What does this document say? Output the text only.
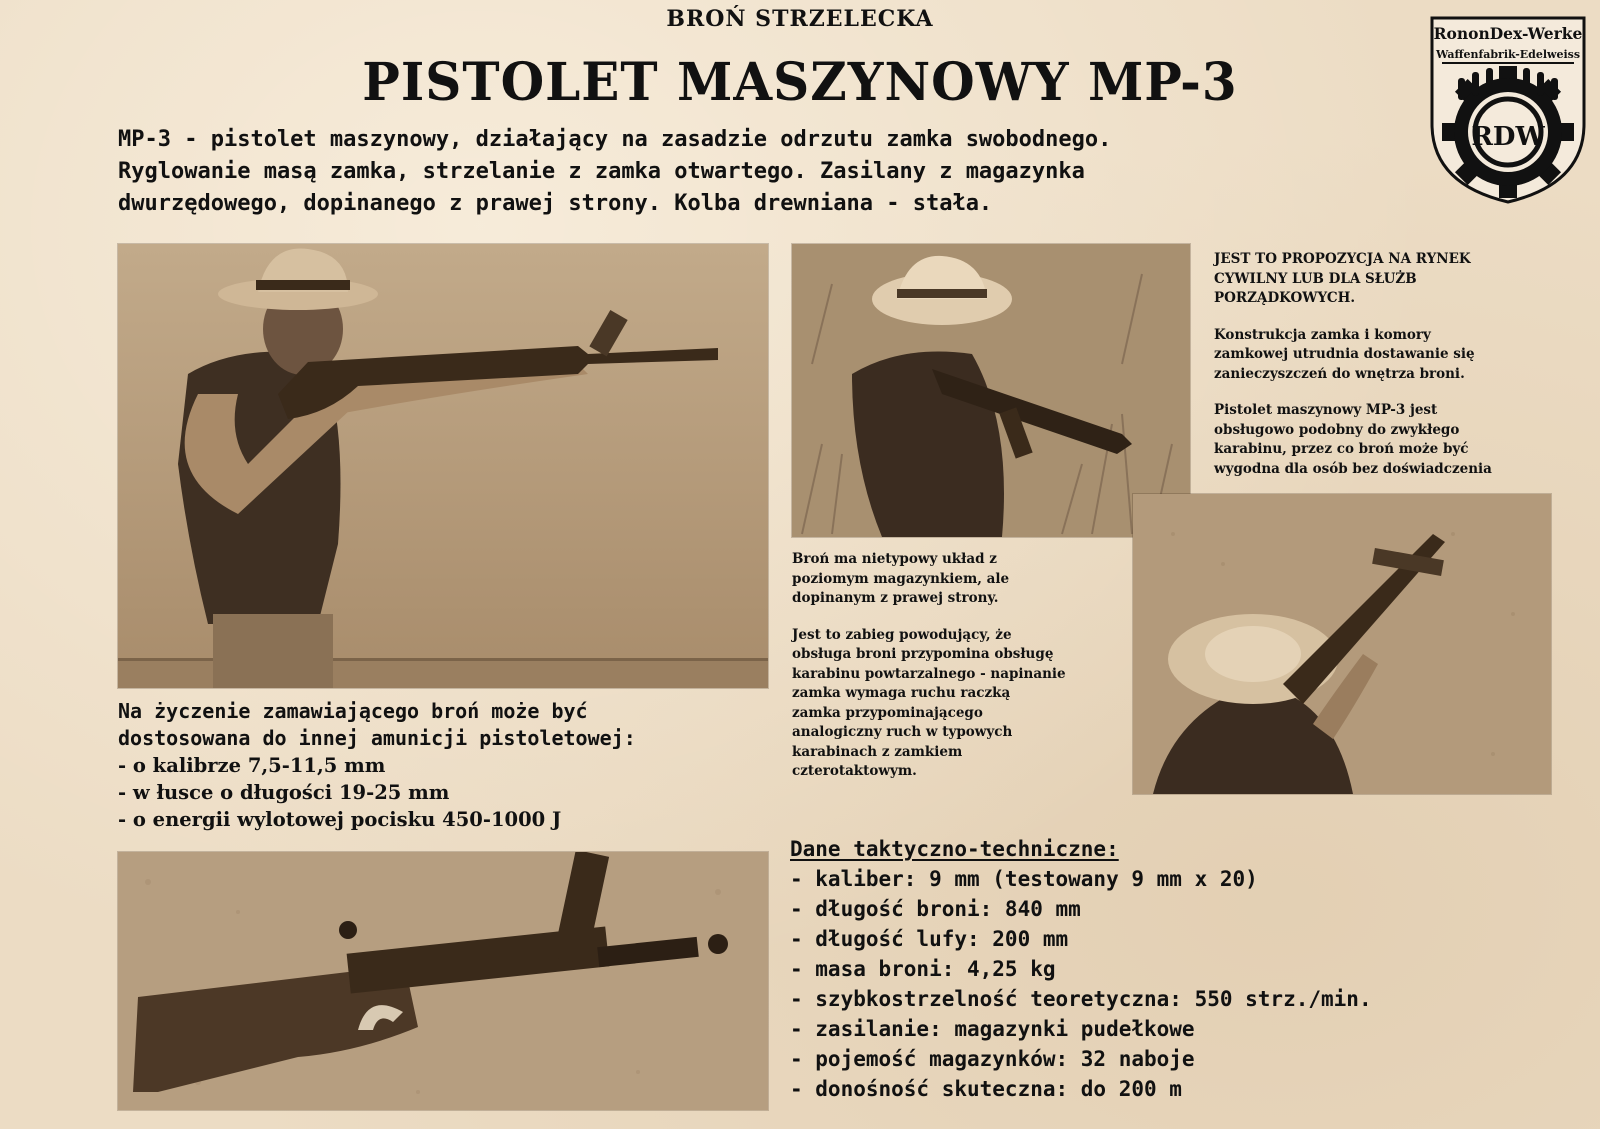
BROŃ STRZELECKA
PISTOLET MASZYNOWY MP-3
RononDex-Werke
Waffenfabrik-Edelweiss
RDW
MP-3 - pistolet maszynowy, działający na zasadzie odrzutu zamka swobodnego.
Ryglowanie masą zamka, strzelanie z zamka otwartego. Zasilany z magazynka
dwurzędowego, dopinanego z prawej strony. Kolba drewniana - stała.
JEST TO PROPOZYCJA NA RYNEK
CYWILNY LUB DLA SŁUŻB
PORZĄDKOWYCH.
Konstrukcja zamka i komory
zamkowej utrudnia dostawanie się
zanieczyszczeń do wnętrza broni.
Pistolet maszynowy MP-3 jest
obsługowo podobny do zwykłego
karabinu, przez co broń może być
wygodna dla osób bez doświadczenia
Broń ma nietypowy układ z
poziomym magazynkiem, ale
dopinanym z prawej strony.
Jest to zabieg powodujący, że
obsługa broni przypomina obsługę
karabinu powtarzalnego - napinanie
zamka wymaga ruchu raczką
zamka przypominającego
analogiczny ruch w typowych
karabinach z zamkiem
czterotaktowym.
Na życzenie zamawiającego broń może być
dostosowana do innej amunicji pistoletowej:
- o kalibrze 7,5-11,5 mm
- w łusce o długości 19-25 mm
- o energii wylotowej pocisku 450-1000 J
Dane taktyczno-techniczne:
- kaliber: 9 mm (testowany 9 mm x 20)
- długość broni: 840 mm
- długość lufy: 200 mm
- masa broni: 4,25 kg
- szybkostrzelność teoretyczna: 550 strz./min.
- zasilanie: magazynki pudełkowe
- pojemość magazynków: 32 naboje
- donośność skuteczna: do 200 m
